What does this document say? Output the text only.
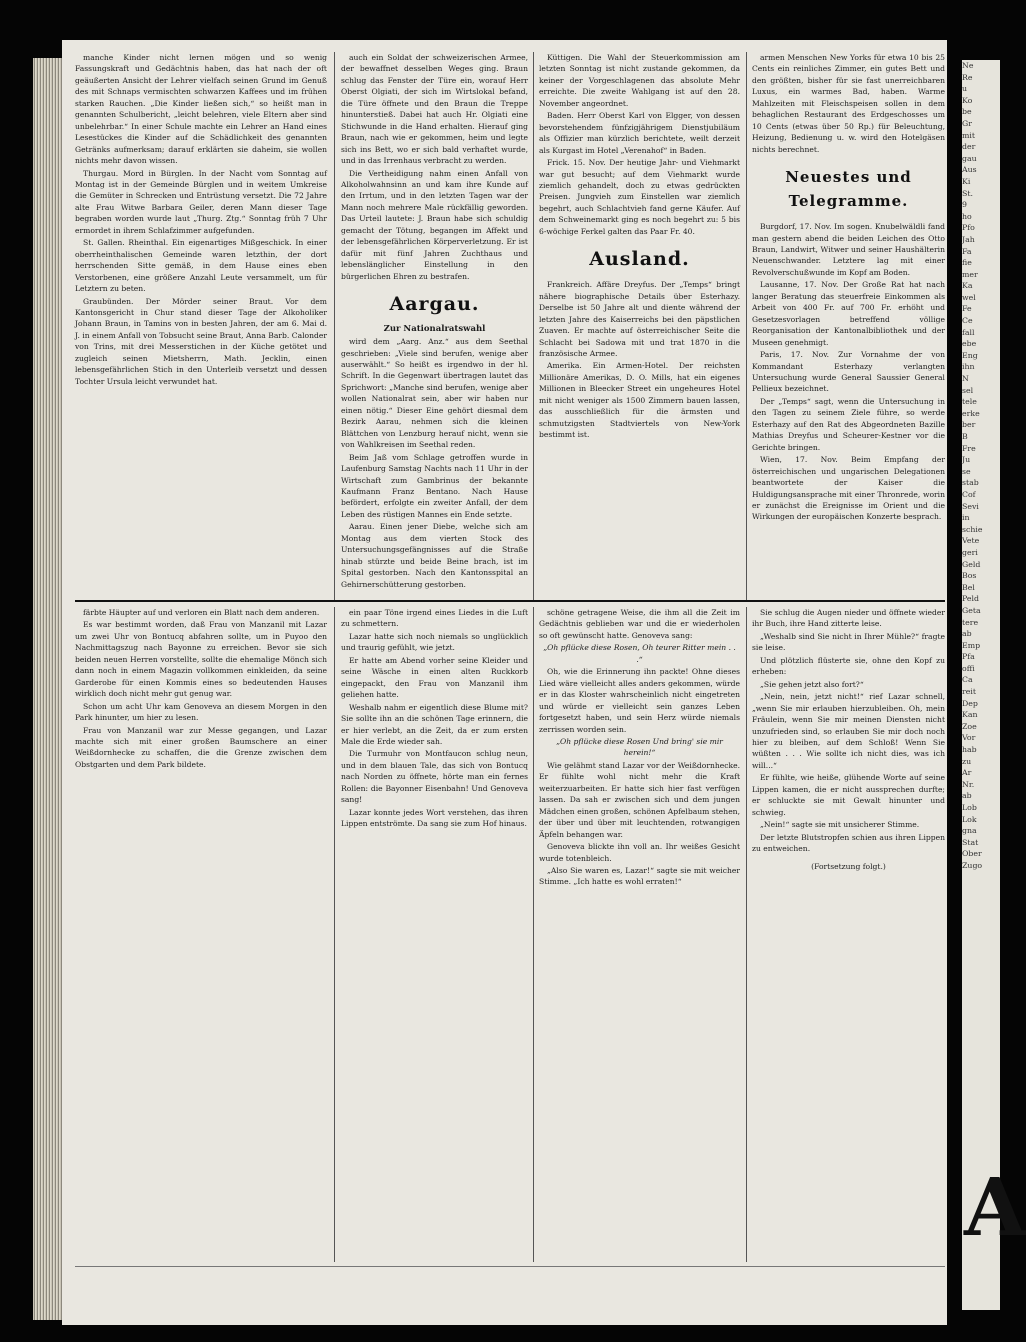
manche Kinder nicht lernen mögen und so wenig Fassungskraft und Gedächtnis haben, das hat nach der oft geäußerten Ansicht der Lehrer vielfach seinen Grund im Genuß des mit Schnaps vermischten schwarzen Kaffees und im frühen starken Rauchen. „Die Kinder ließen sich,“ so heißt man in genannten Schulbericht, „leicht belehren, viele Eltern aber sind unbelehrbar.“ In einer Schule machte ein Lehrer an Hand eines Lesestückes die Kinder auf die Schädlichkeit des genannten Getränks aufmerksam; darauf erklärten sie daheim, sie wollen nichts mehr davon wissen.

Thurgau. Mord in Bürglen. In der Nacht vom Sonntag auf Montag ist in der Gemeinde Bürglen und in weitem Umkreise die Gemüter in Schrecken und Entrüstung versetzt. Die 72 Jahre alte Frau Witwe Barbara Geiler, deren Mann dieser Tage begraben worden wurde laut „Thurg. Ztg.“ Sonntag früh 7 Uhr ermordet in ihrem Schlafzimmer aufgefunden.

St. Gallen. Rheinthal. Ein eigenartiges Mißgeschick. In einer oberrheinthalischen Gemeinde waren letzthin, der dort herrschenden Sitte gemäß, in dem Hause eines eben Verstorbenen, eine größere Anzahl Leute versammelt, um für Letztern zu beten.

Graubünden. Der Mörder seiner Braut. Vor dem Kantonsgericht in Chur stand dieser Tage der Alkoholiker Johann Braun, in Tamins von in besten Jahren, der am 6. Mai d. J. in einem Anfall von Tobsucht seine Braut, Anna Barb. Calonder von Trins, mit drei Messerstichen in der Küche getötet und zugleich seinen Mietsherrn, Math. Jecklin, einen lebensgefährlichen Stich in den Unterleib versetzt und dessen Tochter Ursula leicht verwundet hat.

auch ein Soldat der schweizerischen Armee, der bewaffnet desselben Weges ging. Braun schlug das Fenster der Türe ein, worauf Herr Oberst Olgiati, der sich im Wirtslokal befand, die Türe öffnete und den Braun die Treppe hinunterstieß. Dabei hat auch Hr. Olgiati eine Stichwunde in die Hand erhalten. Hierauf ging Braun, nach wie er gekommen, heim und legte sich ins Bett, wo er sich bald verhaftet wurde, und in das Irrenhaus verbracht zu werden.

Die Vertheidigung nahm einen Anfall von Alkoholwahnsinn an und kam ihre Kunde auf den Irrtum, und in den letzten Tagen war der Mann noch mehrere Male rückfällig geworden. Das Urteil lautete: J. Braun habe sich schuldig gemacht der Tötung, begangen im Affekt und der lebensgefährlichen Körperverletzung. Er ist dafür mit fünf Jahren Zuchthaus und lebenslänglicher Einstellung in den bürgerlichen Ehren zu bestrafen.

Aargau.
Zur Nationalratswahl

wird dem „Aarg. Anz.“ aus dem Seethal geschrieben: „Viele sind berufen, wenige aber auserwählt.“ So heißt es irgendwo in der hl. Schrift. In die Gegenwart übertragen lautet das Sprichwort: „Manche sind berufen, wenige aber wollen Nationalrat sein, aber wir haben nur einen nötig.“ Dieser Eine gehört diesmal dem Bezirk Aarau, nehmen sich die kleinen Blättchen von Lenzburg herauf nicht, wenn sie von Wahlkreisen im Seethal reden.

Beim Jaß vom Schlage getroffen wurde in Laufenburg Samstag Nachts nach 11 Uhr in der Wirtschaft zum Gambrinus der bekannte Kaufmann Franz Bentano. Nach Hause befördert, erfolgte ein zweiter Anfall, der dem Leben des rüstigen Mannes ein Ende setzte.

Aarau. Einen jener Diebe, welche sich am Montag aus dem vierten Stock des Untersuchungsgefängnisses auf die Straße hinab stürzte und beide Beine brach, ist im Spital gestorben. Nach den Kantonsspital an Gehirnerschütterung gestorben.

Küttigen. Die Wahl der Steuerkommission am letzten Sonntag ist nicht zustande gekommen, da keiner der Vorgeschlagenen das absolute Mehr erreichte. Die zweite Wahlgang ist auf den 28. November angeordnet.

Baden. Herr Oberst Karl von Elgger, von dessen bevorstehendem fünfzigjährigem Dienstjubiläum als Offizier man kürzlich berichtete, weilt derzeit als Kurgast im Hotel „Verenahof“ in Baden.

Frick. 15. Nov. Der heutige Jahr- und Viehmarkt war gut besucht; auf dem Viehmarkt wurde ziemlich gehandelt, doch zu etwas gedrückten Preisen. Jungvieh zum Einstellen war ziemlich begehrt, auch Schlachtvieh fand gerne Käufer. Auf dem Schweinemarkt ging es noch begehrt zu: 5 bis 6-wöchige Ferkel galten das Paar Fr. 40.

Ausland.

Frankreich. Affäre Dreyfus. Der „Temps“ bringt nähere biographische Details über Esterhazy. Derselbe ist 50 Jahre alt und diente während der letzten Jahre des Kaiserreichs bei den päpstlichen Zuaven. Er machte auf österreichischer Seite die Schlacht bei Sadowa mit und trat 1870 in die französische Armee.

Amerika. Ein Armen-Hotel. Der reichsten Millionäre Amerikas, D. O. Mills, hat ein eigenes Millionen in Bleecker Street ein ungeheures Hotel mit nicht weniger als 1500 Zimmern bauen lassen, das ausschließlich für die ärmsten und schmutzigsten Stadtviertels von New-York bestimmt ist.

armen Menschen New Yorks für etwa 10 bis 25 Cents ein reinliches Zimmer, ein gutes Bett und den größten, bisher für sie fast unerreichbaren Luxus, ein warmes Bad, haben. Warme Mahlzeiten mit Fleischspeisen sollen in dem behaglichen Restaurant des Erdgeschosses um 10 Cents (etwas über 50 Rp.) für Beleuchtung, Heizung, Bedienung u. w. wird den Hotelgäsen nichts berechnet.

Neuestes und Telegramme.

Burgdorf, 17. Nov. Im sogen. Knubelwäldli fand man gestern abend die beiden Leichen des Otto Braun, Landwirt, Witwer und seiner Haushälterin Neuenschwander. Letztere lag mit einer Revolverschußwunde im Kopf am Boden.

Lausanne, 17. Nov. Der Große Rat hat nach langer Beratung das steuerfreie Einkommen als Arbeit von 400 Fr. auf 700 Fr. erhöht und Gesetzesvorlagen betreffend völlige Reorganisation der Kantonalbibliothek und der Museen genehmigt.

Paris, 17. Nov. Zur Vornahme der von Kommandant Esterhazy verlangten Untersuchung wurde General Saussier General Pellieux bezeichnet.

Der „Temps“ sagt, wenn die Untersuchung in den Tagen zu seinem Ziele führe, so werde Esterhazy auf den Rat des Abgeordneten Bazille Mathias Dreyfus und Scheurer-Kestner vor die Gerichte bringen.

Wien, 17. Nov. Beim Empfang der österreichischen und ungarischen Delegationen beantwortete der Kaiser die Huldigungsansprache mit einer Thronrede, worin er zunächst die Ereignisse im Orient und die Wirkungen der europäischen Konzerte besprach.

färbte Häupter auf und verloren ein Blatt nach dem anderen.

Es war bestimmt worden, daß Frau von Manzanil mit Lazar um zwei Uhr von Bontucq abfahren sollte, um in Puyoo den Nachmittagszug nach Bayonne zu erreichen. Bevor sie sich beiden neuen Herren vorstellte, sollte die ehemalige Mönch sich dann noch in einem Magazin vollkommen einkleiden, da seine Garderobe für einen Kommis eines so bedeutenden Hauses wirklich doch nicht mehr gut genug war.

Schon um acht Uhr kam Genoveva an diesem Morgen in den Park hinunter, um hier zu lesen.

Frau von Manzanil war zur Messe gegangen, und Lazar machte sich mit einer großen Baumschere an einer Weißdornhecke zu schaffen, die die Grenze zwischen dem Obstgarten und dem Park bildete.

ein paar Töne irgend eines Liedes in die Luft zu schmettern.

Lazar hatte sich noch niemals so unglücklich und traurig gefühlt, wie jetzt.

Er hatte am Abend vorher seine Kleider und seine Wäsche in einen alten Ruckkorb eingepackt, den Frau von Manzanil ihm geliehen hatte.

Weshalb nahm er eigentlich diese Blume mit? Sie sollte ihn an die schönen Tage erinnern, die er hier verlebt, an die Zeit, da er zum ersten Male die Erde wieder sah.

Die Turmuhr von Montfaucon schlug neun, und in dem blauen Tale, das sich von Bontucq nach Norden zu öffnete, hörte man ein fernes Rollen: die Bayonner Eisenbahn! Und Genoveva sang!

Lazar konnte jedes Wort verstehen, das ihren Lippen entströmte. Da sang sie zum Hof hinaus.

schöne getragene Weise, die ihm all die Zeit im Gedächtnis geblieben war und die er wiederholen so oft gewünscht hatte. Genoveva sang:

„Oh pflücke diese Rosen, Oh teurer Ritter mein . . .“

Oh, wie die Erinnerung ihn packte! Ohne dieses Lied wäre vielleicht alles anders gekommen, würde er in das Kloster wahrscheinlich nicht eingetreten und würde er vielleicht sein ganzes Leben fortgesetzt haben, und sein Herz würde niemals zerrissen worden sein.

„Oh pflücke diese Rosen Und bring' sie mir herein!“

Wie gelähmt stand Lazar vor der Weißdornhecke. Er fühlte wohl nicht mehr die Kraft weiterzuarbeiten. Er hatte sich hier fast verfügen lassen. Da sah er zwischen sich und dem jungen Mädchen einen großen, schönen Apfelbaum stehen, der über und über mit leuchtenden, rotwangigen Äpfeln behangen war.

Genoveva blickte ihn voll an. Ihr weißes Gesicht wurde totenbleich.

„Also Sie waren es, Lazar!“ sagte sie mit weicher Stimme. „Ich hatte es wohl erraten!“

Sie schlug die Augen nieder und öffnete wieder ihr Buch, ihre Hand zitterte leise.

„Weshalb sind Sie nicht in Ihrer Mühle?“ fragte sie leise.

Und plötzlich flüsterte sie, ohne den Kopf zu erheben:

„Sie gehen jetzt also fort?“

„Nein, nein, jetzt nicht!“ rief Lazar schnell, „wenn Sie mir erlauben hierzubleiben. Oh, mein Fräulein, wenn Sie mir meinen Diensten nicht unzufrieden sind, so erlauben Sie mir doch noch hier zu bleiben, auf dem Schloß! Wenn Sie wüßten . . . Wie sollte ich nicht dies, was ich will...“

Er fühlte, wie heiße, glühende Worte auf seine Lippen kamen, die er nicht aussprechen durfte; er schluckte sie mit Gewalt hinunter und schwieg.

„Nein!“ sagte sie mit unsicherer Stimme.

Der letzte Blutstropfen schien aus ihren Lippen zu entweichen.

(Fortsetzung folgt.)

Ne

Re

u

Ko

be

Gr

mit

der

gau

Aus

Ki

St.

9

ho

Pfo

Jah

Fa

fie

mer

Ka

wel

Fe

Ce

fall

ebe

Eng

ihn

N

sel

tele

erke

ber

B

Fre

Ju

se

stab

Cof

Sevi

in

schie

Vete

geri

Geld

Bos

Bel

Peld

Geta

tere

ab

Emp

Pfa

offi

Ca

reit

Dep

Kan

Zoe

Vor

hab

zu

Ar

Nr.

ab

Lob

Lok

gna

Stat

Ober

Zugo

A
